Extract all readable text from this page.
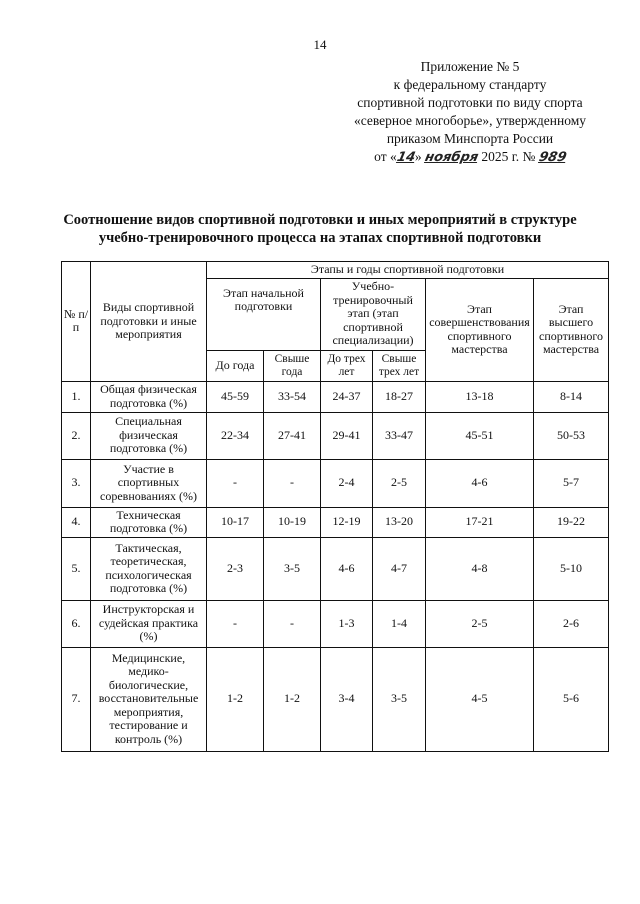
14
Приложение № 5
к федеральному стандарту
спортивной подготовки по виду спорта
«северное многоборье», утвержденному
приказом Минспорта России
от «14» ноября 2025 г. № 989
Соотношение видов спортивной подготовки и иных мероприятий в структуре
учебно-тренировочного процесса на этапах спортивной подготовки
№ п/п	Виды спортивной подготовки и иные мероприятия	Этапы и годы спортивной подготовки					
		Этап начальной подготовки		Учебно-тренировочный этап (этап спортивной специализации)		Этап совершенствования спортивного мастерства	Этап высшего спортивного мастерства
		До года	Свыше года	До трех лет	Свыше трех лет		
1.	Общая физическая подготовка (%)	45-59	33-54	24-37	18-27	13-18	8-14
2.	Специальная физическая подготовка (%)	22-34	27-41	29-41	33-47	45-51	50-53
3.	Участие в спортивных соревнованиях (%)	-	-	2-4	2-5	4-6	5-7
4.	Техническая подготовка (%)	10-17	10-19	12-19	13-20	17-21	19-22
5.	Тактическая, теоретическая, психологическая подготовка (%)	2-3	3-5	4-6	4-7	4-8	5-10
6.	Инструкторская и судейская практика (%)	-	-	1-3	1-4	2-5	2-6
7.	Медицинские, медико-биологические, восстановительные мероприятия, тестирование и контроль (%)	1-2	1-2	3-4	3-5	4-5	5-6
